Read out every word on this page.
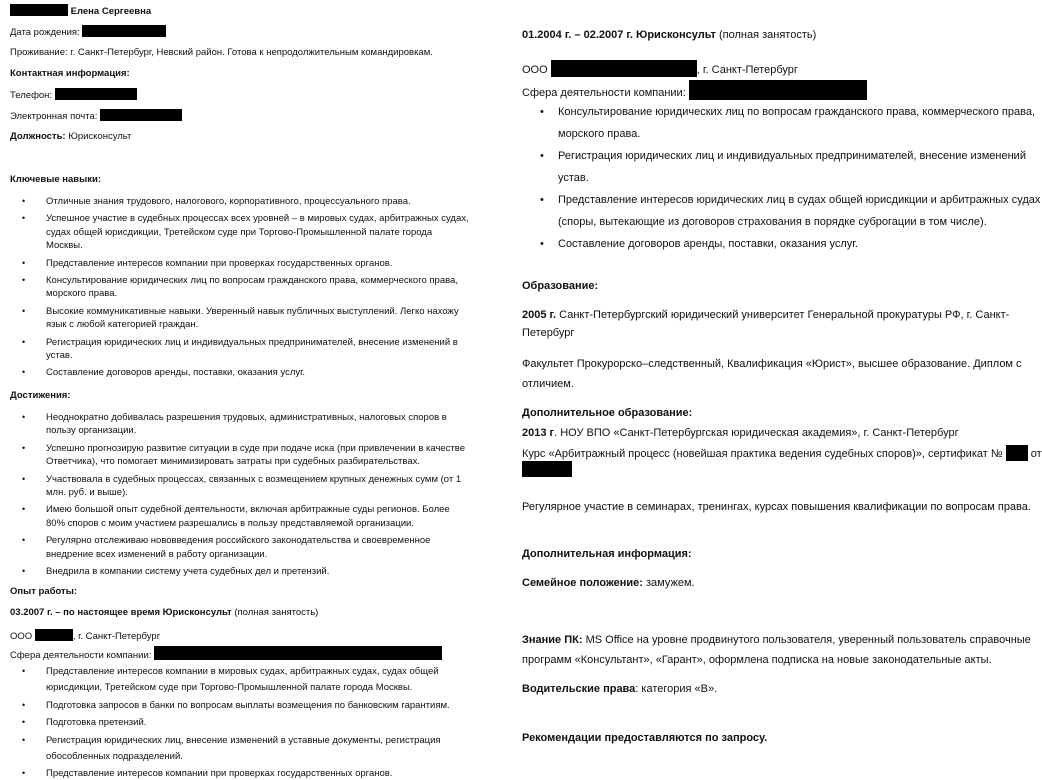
Елена Сергеевна
Дата рождения:
Проживание: г. Санкт-Петербург, Невский район. Готова к непродолжительным командировкам.
Контактная информация:
Телефон:
Электронная почта:
Должность: Юрисконсульт
Ключевые навыки:
• Отличные знания трудового, налогового, корпоративного, процессуального права.
• Успешное участие в судебных процессах всех уровней – в мировых судах, арбитражных судах,
судах общей юрисдикции, Третейском суде при Торгово-Промышленной палате города
Москвы.
• Представление интересов компании при проверках государственных органов.
• Консультирование юридических лиц по вопросам гражданского права, коммерческого права,
морского права.
• Высокие коммуникативные навыки. Уверенный навык публичных выступлений. Легко нахожу
язык с любой категорией граждан.
• Регистрация юридических лиц и индивидуальных предпринимателей, внесение изменений в
устав.
• Составление договоров аренды, поставки, оказания услуг.
Достижения:
• Неоднократно добивалась разрешения трудовых, административных, налоговых споров в
пользу организации.
• Успешно прогнозирую развитие ситуации в суде при подаче иска (при привлечении в качестве
Ответчика), что помогает минимизировать затраты при судебных разбирательствах.
• Участвовала в судебных процессах, связанных с возмещением крупных денежных сумм (от 1
млн. руб. и выше).
• Имею большой опыт судебной деятельности, включая арбитражные суды регионов. Более
80% споров с моим участием разрешались в пользу представляемой организации.
• Регулярно отслеживаю нововведения российского законодательства и своевременное
внедрение всех изменений в работу организации.
• Внедрила в компании систему учета судебных дел и претензий.
Опыт работы:
03.2007 г. – по настоящее время Юрисконсульт (полная занятость)
ООО	, г. Санкт-Петербург
Сфера деятельности компании:
• Представление интересов компании в мировых судах, арбитражных судах, судах общей
юрисдикции, Третейском суде при Торгово-Промышленной палате города Москвы.
• Подготовка запросов в банки по вопросам выплаты возмещения по банковским гарантиям.
• Подготовка претензий.
• Регистрация юридических лиц, внесение изменений в уставные документы, регистрация
обособленных подразделений.
• Представление интересов компании при проверках государственных органов.
01.2004 г. – 02.2007 г. Юрисконсульт (полная занятость)
ООО	, г. Санкт-Петербург
Сфера деятельности компании:
• Консультирование юридических лиц по вопросам гражданского права, коммерческого права,
морского права.
• Регистрация юридических лиц и индивидуальных предпринимателей, внесение изменений
устав.
• Представление интересов юридических лиц в судах общей юрисдикции и арбитражных судах
(споры, вытекающие из договоров страхования в порядке суброгации в том числе).
• Составление договоров аренды, поставки, оказания услуг.
Образование:
2005 г. Санкт-Петербургский юридический университет Генеральной прокуратуры РФ, г. Санкт-
Петербург
Факультет Прокурорско–следственный, Квалификация «Юрист», высшее образование. Диплом с
отличием.
Дополнительное образование:
2013 г. НОУ ВПО «Санкт-Петербургская юридическая академия», г. Санкт-Петербург
Курс «Арбитражный процесс (новейшая практика ведения судебных споров)», сертификат №	от
Регулярное участие в семинарах, тренингах, курсах повышения квалификации по вопросам права.
Дополнительная информация:
Семейное положение: замужем.
Знание ПК: MS Office на уровне продвинутого пользователя, уверенный пользователь справочные
программ «Консультант», «Гарант», оформлена подписка на новые законодательные акты.
Водительские права: категория «B».
Рекомендации предоставляются по запросу.
